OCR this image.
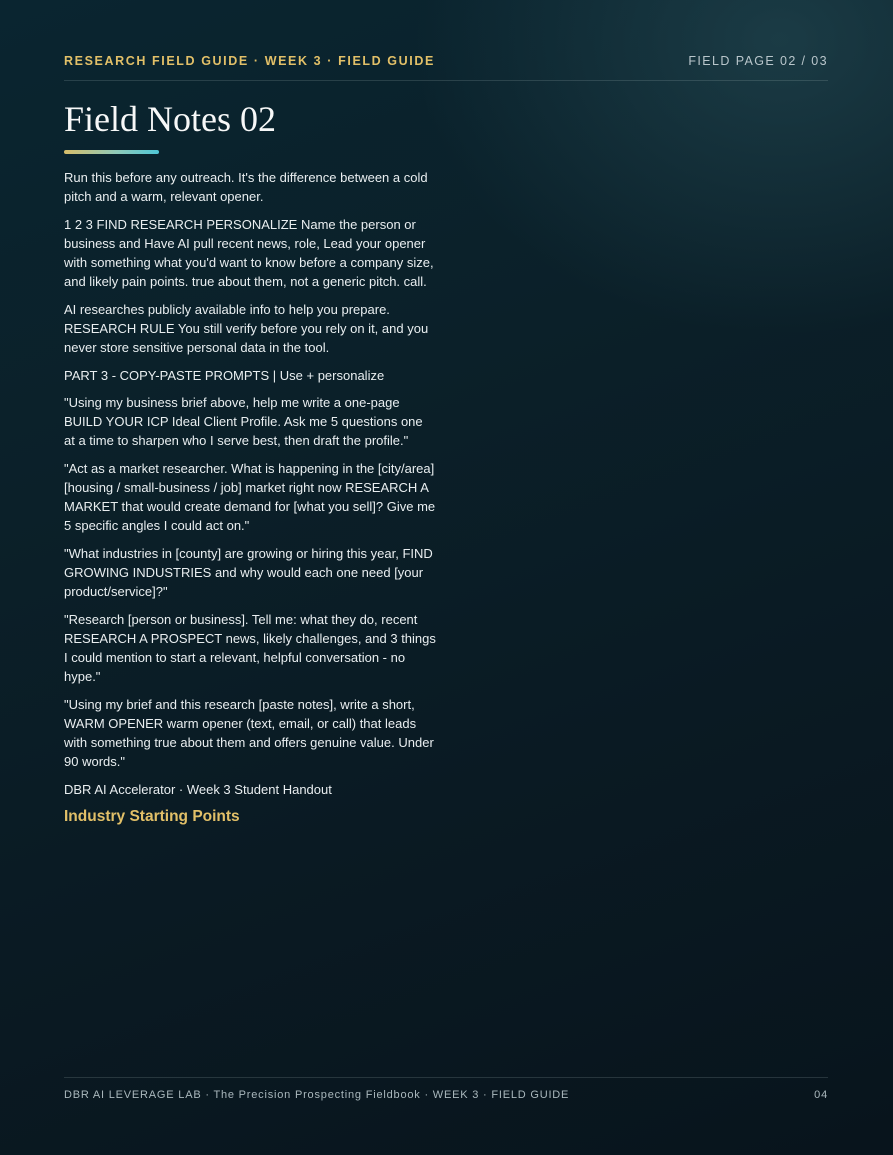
RESEARCH FIELD GUIDE · WEEK 3 · FIELD GUIDE	FIELD PAGE 02 / 03
Field Notes 02

Run this before any outreach. It's the difference between a cold pitch and a warm, relevant opener.

1 2 3 FIND RESEARCH PERSONALIZE Name the person or business and Have AI pull recent news, role, Lead your opener with something what you'd want to know before a company size, and likely pain points. true about them, not a generic pitch. call.

AI researches publicly available info to help you prepare. RESEARCH RULE You still verify before you rely on it, and you never store sensitive personal data in the tool.

PART 3 - COPY-PASTE PROMPTS | Use + personalize

"Using my business brief above, help me write a one-page BUILD YOUR ICP Ideal Client Profile. Ask me 5 questions one at a time to sharpen who I serve best, then draft the profile."

"Act as a market researcher. What is happening in the [city/area] [housing / small-business / job] market right now RESEARCH A MARKET that would create demand for [what you sell]? Give me 5 specific angles I could act on."

"What industries in [county] are growing or hiring this year, FIND GROWING INDUSTRIES and why would each one need [your product/service]?"

"Research [person or business]. Tell me: what they do, recent RESEARCH A PROSPECT news, likely challenges, and 3 things I could mention to start a relevant, helpful conversation - no hype."

"Using my brief and this research [paste notes], write a short, WARM OPENER warm opener (text, email, or call) that leads with something true about them and offers genuine value. Under 90 words."

DBR AI Accelerator · Week 3 Student Handout

Industry Starting Points
DBR AI LEVERAGE LAB · The Precision Prospecting Fieldbook · WEEK 3 · FIELD GUIDE	04
